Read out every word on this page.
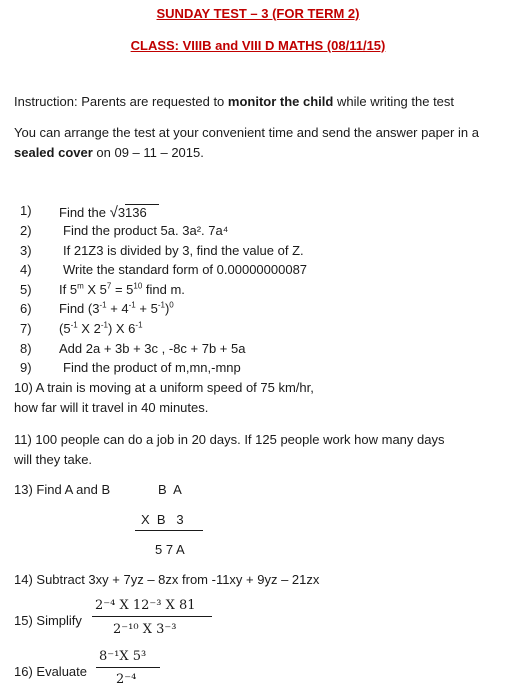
SUNDAY TEST – 3 (FOR TERM 2)
CLASS: VIIIB and VIII D MATHS (08/11/15)
Instruction: Parents are requested to monitor the child while writing the test
You can arrange the test at your convenient time and send the answer paper in a
sealed cover on 09 – 11 – 2015.
1) Find the √3136
2) Find the product 5a. 3a². 7a⁴
3) If 21Z3 is divided by 3, find the value of Z.
4) Write the standard form of 0.00000000087
5) If 5$^m$ X $5^7 = 5^{10}$ find m.
6) Find $(3^{-1} + 4^{-1} + 5^{-1})^0$
7) ($5^{-1}$ X $2^{-1}$) X $6^{-1}$
8) Add 2a + 3b + 3c , -8c + 7b + 5a
9) Find the product of m,mn,-mnp
10) A train is moving at a uniform speed of 75 km/hr,
how far will it travel in 40 minutes.
11) 100 people can do a job in 20 days. If 125 people work how many days
will they take.
13) Find A and B	B  A
X  B   3
5 7 A
14) Subtract 3xy + 7yz – 8zx from -11xy + 9yz – 21zx
15) Simplify
2⁻⁴ X 12⁻³ X 81
2⁻¹⁰ X 3⁻³
16) Evaluate
8⁻¹X 5³
2⁻⁴
